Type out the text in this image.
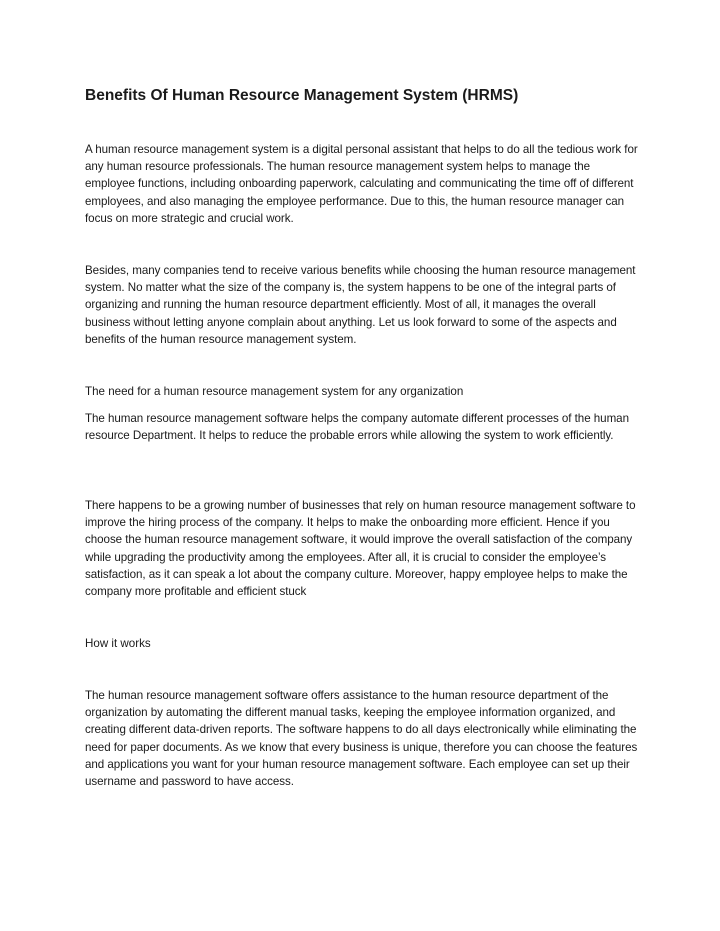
Benefits Of Human Resource Management System (HRMS)

A human resource management system is a digital personal assistant that helps to do all the tedious work for any human resource professionals. The human resource management system helps to manage the employee functions, including onboarding paperwork, calculating and communicating the time off of different employees, and also managing the employee performance. Due to this, the human resource manager can focus on more strategic and crucial work.

Besides, many companies tend to receive various benefits while choosing the human resource management system. No matter what the size of the company is, the system happens to be one of the integral parts of organizing and running the human resource department efficiently. Most of all, it manages the overall business without letting anyone complain about anything. Let us look forward to some of the aspects and benefits of the human resource management system.

The need for a human resource management system for any organization

The human resource management software helps the company automate different processes of the human resource Department. It helps to reduce the probable errors while allowing the system to work efficiently.

There happens to be a growing number of businesses that rely on human resource management software to improve the hiring process of the company. It helps to make the onboarding more efficient. Hence if you choose the human resource management software, it would improve the overall satisfaction of the company while upgrading the productivity among the employees. After all, it is crucial to consider the employee’s satisfaction, as it can speak a lot about the company culture. Moreover, happy employee helps to make the company more profitable and efficient stuck

How it works

The human resource management software offers assistance to the human resource department of the organization by automating the different manual tasks, keeping the employee information organized, and creating different data-driven reports. The software happens to do all days electronically while eliminating the need for paper documents. As we know that every business is unique, therefore you can choose the features and applications you want for your human resource management software. Each employee can set up their username and password to have access.
